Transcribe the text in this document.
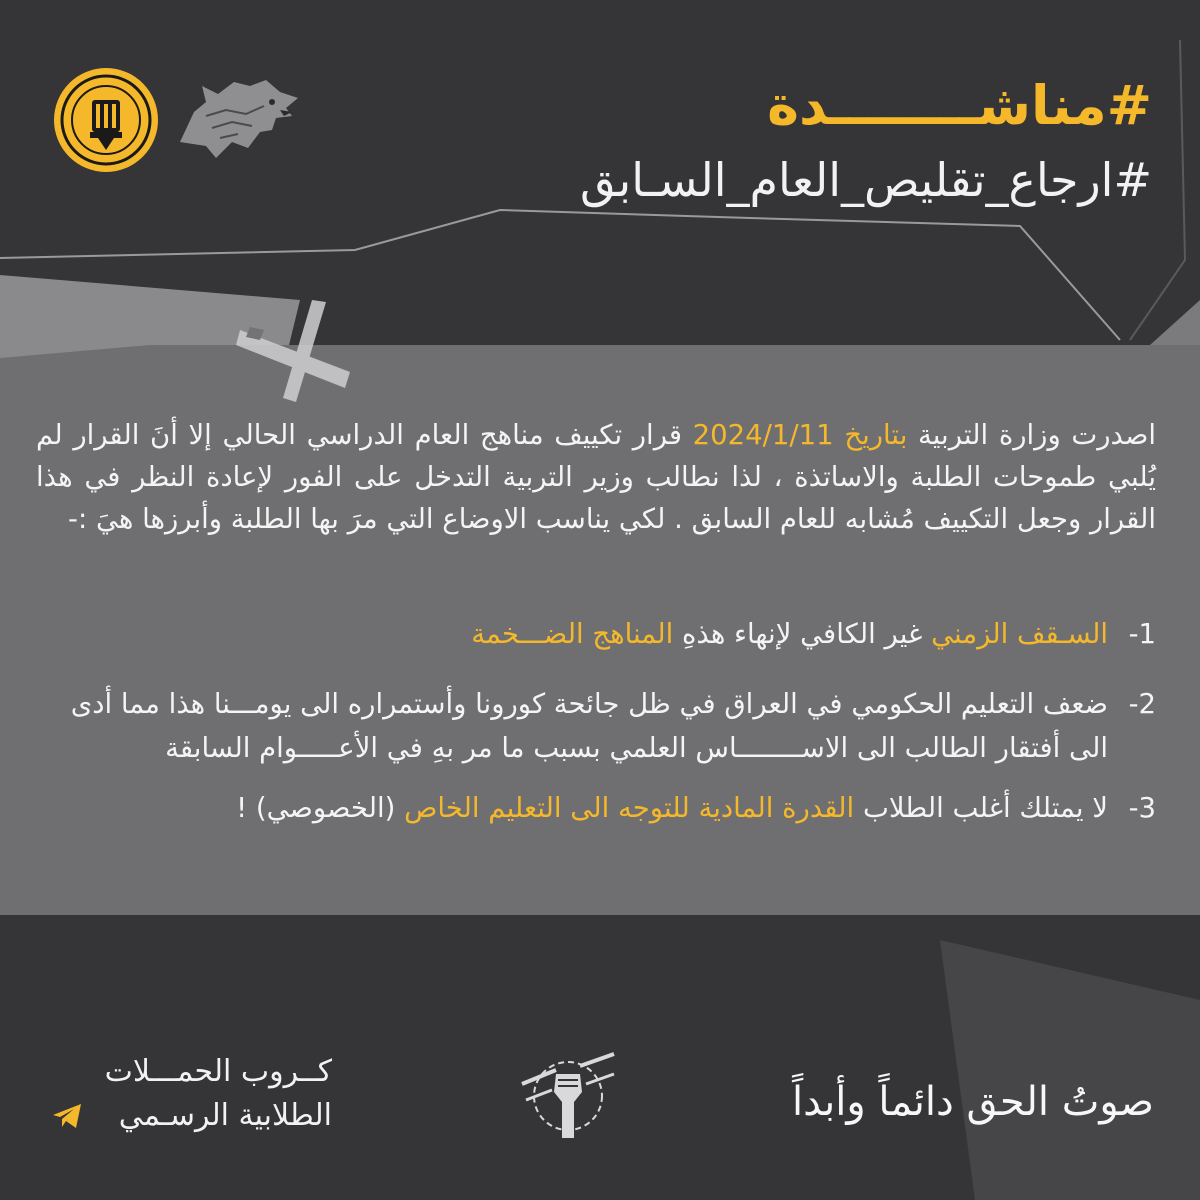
#مناشــــــــدة
#ارجاع_تقليص_العام_السـابق
اصدرت وزارة التربية بتاريخ 2024/1/11 قرار تكييف مناهج العام الدراسي الحالي إلا أنَ القرار لم يُلبي طموحات الطلبة والاساتذة ، لذا نطالب وزير التربية التدخل على الفور لإعادة النظر في هذا القرار وجعل التكييف مُشابه للعام السابق . لكي يناسب الاوضاع التي مرَ بها الطلبة وأبرزها هيَ :-
1-
السـقف الزمني غير الكافي لإنهاء هذهِ المناهج الضـــخمة
2-
ضعف التعليم الحكومي في العراق في ظل جائحة كورونا وأستمراره الى يومـــنا هذا مما أدى الى أفتقار الطالب الى الاســــــــاس العلمي بسبب ما مر بهِ في الأعـــــوام السابقة
3-
لا يمتلك أغلب الطلاب القدرة المادية للتوجه الى التعليم الخاص (الخصوصي) !
كــروب الحمـــلات
الطلابية الرسـمي	صوتُ الحق دائماً وأبداً
